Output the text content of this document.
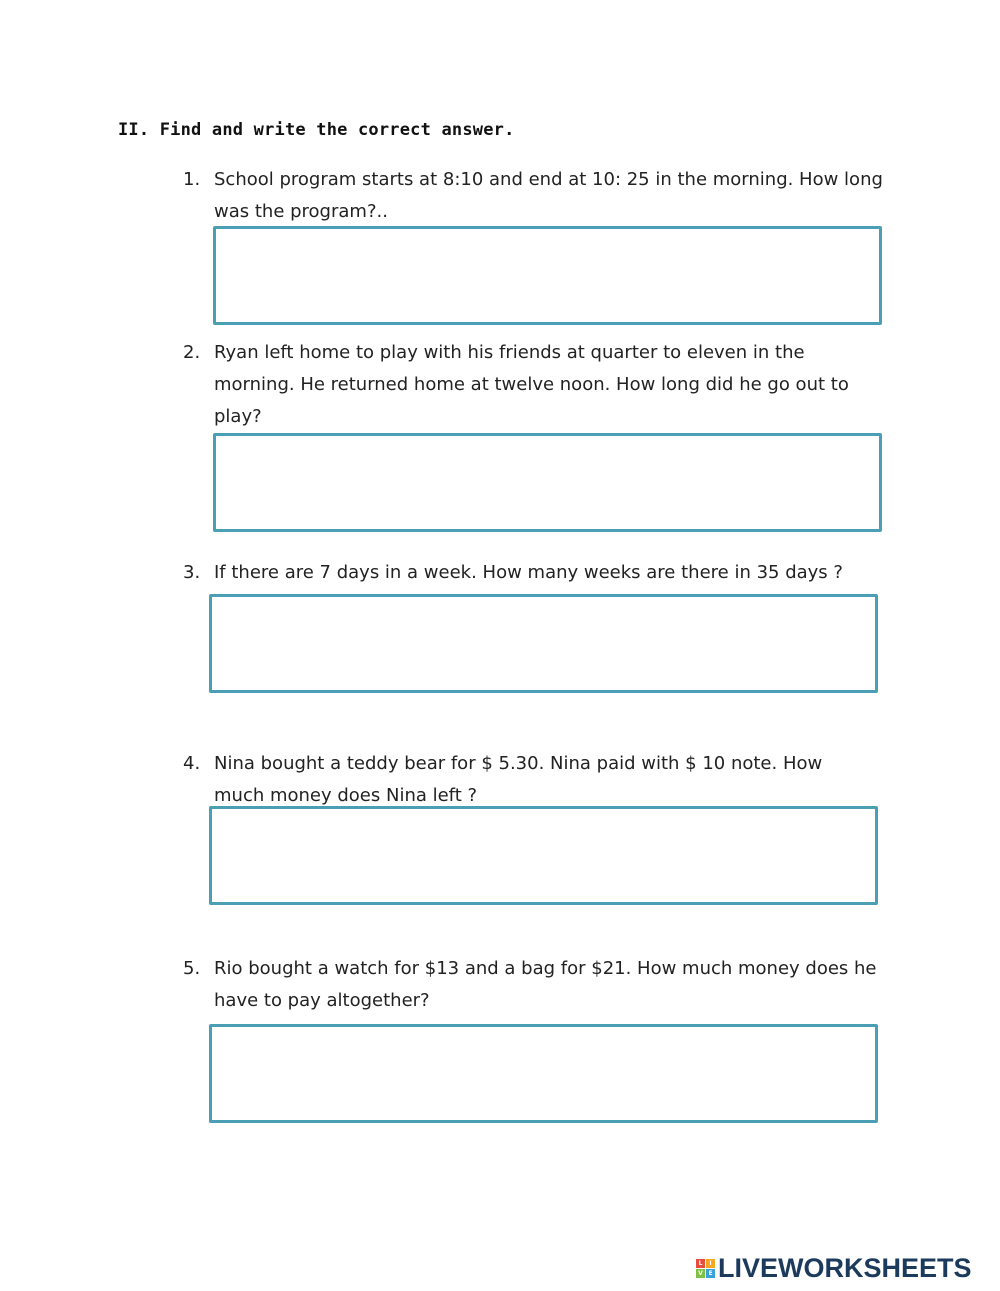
II. Find and write the correct answer.
1. School program starts at 8:10 and end at 10: 25 in the morning. How long
was the program?..
2. Ryan left home to play with his friends at quarter to eleven in the
morning. He returned home at twelve noon. How long did he go out to
play?
3. If there are 7 days in a week. How many weeks are there in 35 days ?
4. Nina bought a teddy bear for $ 5.30. Nina paid with $ 10 note. How
much money does Nina left ?
5. Rio bought a watch for $13 and a bag for $21. How much money does he
have to pay altogether?
L	I
V E LIVEWORKSHEETS
